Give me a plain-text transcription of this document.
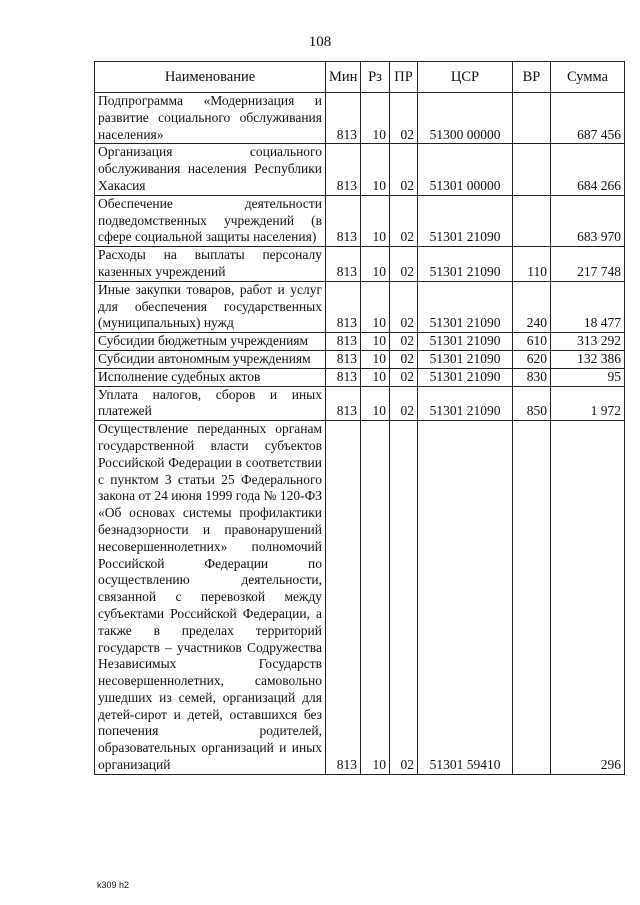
108
Наименование	Мин	Рз	ПР	ЦСР	ВР	Сумма
Подпрограмма «Модернизация и развитие социального обслуживания населения»	813	10	02	51300 00000		687 456
Организация социального обслуживания населения Республики Хакасия	813	10	02	51301 00000		684 266
Обеспечение деятельности подведомственных учреждений (в сфере социальной защиты населения)	813	10	02	51301 21090		683 970
Расходы на выплаты персоналу казенных учреждений	813	10	02	51301 21090	110	217 748
Иные закупки товаров, работ и услуг для обеспечения государственных (муниципальных) нужд	813	10	02	51301 21090	240	18 477
Субсидии бюджетным учреждениям	813	10	02	51301 21090	610	313 292
Субсидии автономным учреждениям	813	10	02	51301 21090	620	132 386
Исполнение судебных актов	813	10	02	51301 21090	830	95
Уплата налогов, сборов и иных платежей	813	10	02	51301 21090	850	1 972
Осуществление переданных органам государственной власти субъектов Российской Федерации в соответствии с пунктом 3 статьи 25 Федерального закона от 24 июня 1999 года № 120-ФЗ «Об основах системы профилактики безнадзорности и правонарушений несовершеннолетних» полномочий Российской Федерации по осуществлению деятельности, связанной с перевозкой между субъектами Российской Федерации, а также в пределах территорий государств – участников Содружества Независимых Государств несовершеннолетних, самовольно ушедших из семей, организаций для детей-сирот и детей, оставшихся без попечения родителей, образовательных организаций и иных организаций	813	10	02	51301 59410		296
k309 h2
